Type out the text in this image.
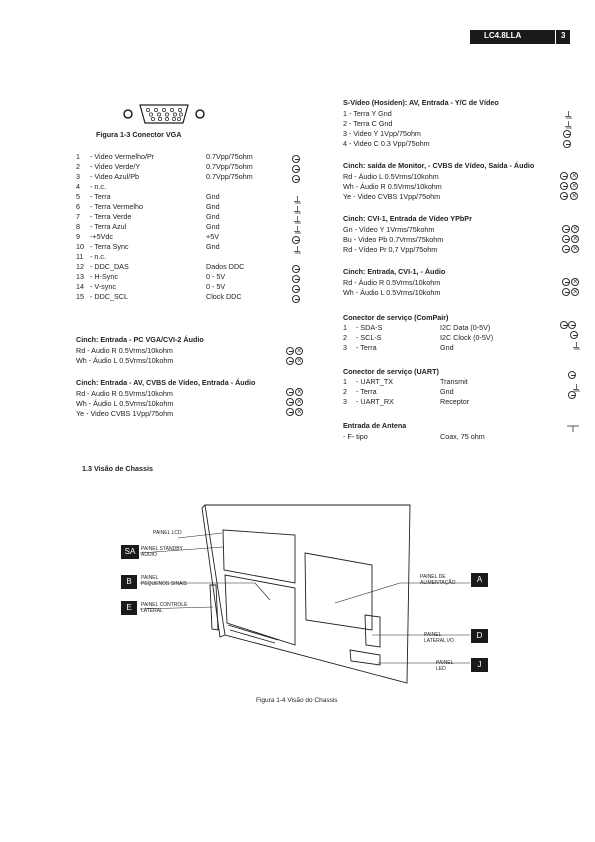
LC4.8LLA	3
Figura 1-3 Conector VGA
1 - Video Vermelho/Pr	0.7Vpp/75ohm
2 - Video Verde/Y	0.7Vpp/75ohm
3 - Video Azul/Pb	0.7Vpp/75ohm
4 - n.c.
5 - Terra	Gnd
6 - Terra Vermelho	Gnd
7 - Terra Verde	Gnd
8 - Terra Azul	Gnd
9 -+5Vdc	+5V
10 - Terra Sync	Gnd
11 - n.c.
12 - DDC_DAS	Dados DDC
13 - H-Sync	0 - 5V
14 - V-sync	0 - 5V
15 - DDC_SCL	Clock DDC
Cinch: Entrada - PC VGA/CVI-2 Áudio
Rd - Audio R 0.5Vrms/10kohm
Wh - Áudio L 0.5Vrms/10kohm
×
×
Cinch: Entrada - AV, CVBS de Vídeo, Entrada - Áudio
Rd - Audio R 0.5Vrms/10kohm
Wh - Áudio L 0.5Vrms/10kohm
Ye - Video CVBS 1Vpp/75ohm
×
×
×
S-Vídeo (Hosiden): AV, Entrada - Y/C de Vídeo
1 - Terra Y Gnd
2 - Terra C Gnd
3 - Video Y 1Vpp/75ohm
4 - Video C 0.3 Vpp/75ohm
Cinch: saída de Monitor, - CVBS de Vídeo, Saída - Áudio
Rd - Áudio L 0.5Vrms/10kohm
Wh - Áudio R 0.5Vrms/10kohm
Ye - Video CVBS 1Vpp/75ohm
×
×
×
Cinch: CVI-1, Entrada de Vídeo YPbPr
Gn - Vídeo Y 1Vrms/75kohm
Bu - Video Pb 0.7Vrms/75kohm
Rd - Vídeo Pr 0,7 Vpp/75ohm
×
×
×
Cinch: Entrada, CVI-1, - Áudio
Rd - Áudio R 0.5Vrms/10kohm
Wh - Áudio L 0.5Vrms/10kohm
×
×
Conector de serviço (ComPair)
1 - SDA-S	I2C Data (0-5V)
2 - SCL-S	I2C Clock (0-5V)
3 - Terra	Gnd
Conector de serviço (UART)
1 - UART_TX	Transmit
2 - Terra	Gnd
3 - UART_RX	Receptor
Entrada de Antena
- F- tipo	Coax, 75 ohm
1.3 Visão de Chassis
PAINEL LCD
PAINEL STANDBY
ÁUDIO
PAINEL
PEQUENOS SINAIS
PAINEL CONTROLE
LATERAL
PAINEL DE
ALIMENTAÇÃO
PAINEL
LATERAL I/O
PAINEL
LED
SA
B
E
A
D
J
Figura 1-4 Visão do Chassis
